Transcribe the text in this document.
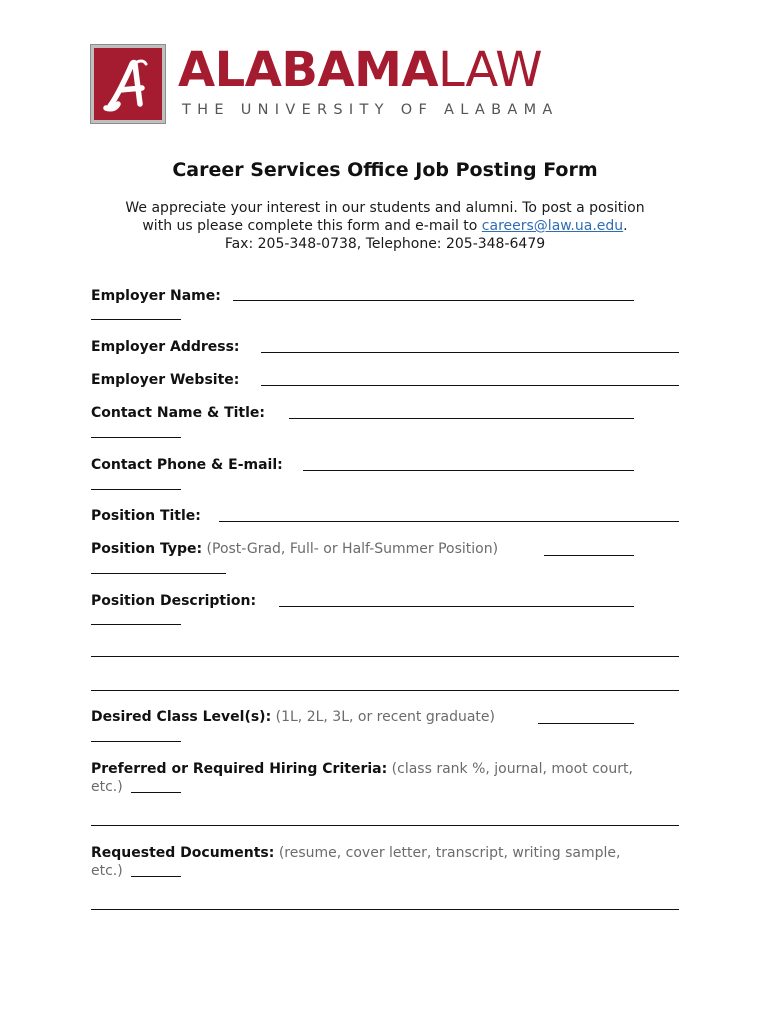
ALABAMALAW
THE UNIVERSITY OF ALABAMA
Career Services Office Job Posting Form
We appreciate your interest in our students and alumni. To post a position
with us please complete this form and e-mail to careers@law.ua.edu.
Fax: 205-348-0738, Telephone: 205-348-6479
Employer Name:
Employer Address:
Employer Website:
Contact Name & Title:
Contact Phone & E-mail:
Position Title:
Position Type: (Post-Grad, Full- or Half-Summer Position)
Position Description:
Desired Class Level(s): (1L, 2L, 3L, or recent graduate)
Preferred or Required Hiring Criteria: (class rank %, journal, moot court,
etc.)
Requested Documents: (resume, cover letter, transcript, writing sample,
etc.)
